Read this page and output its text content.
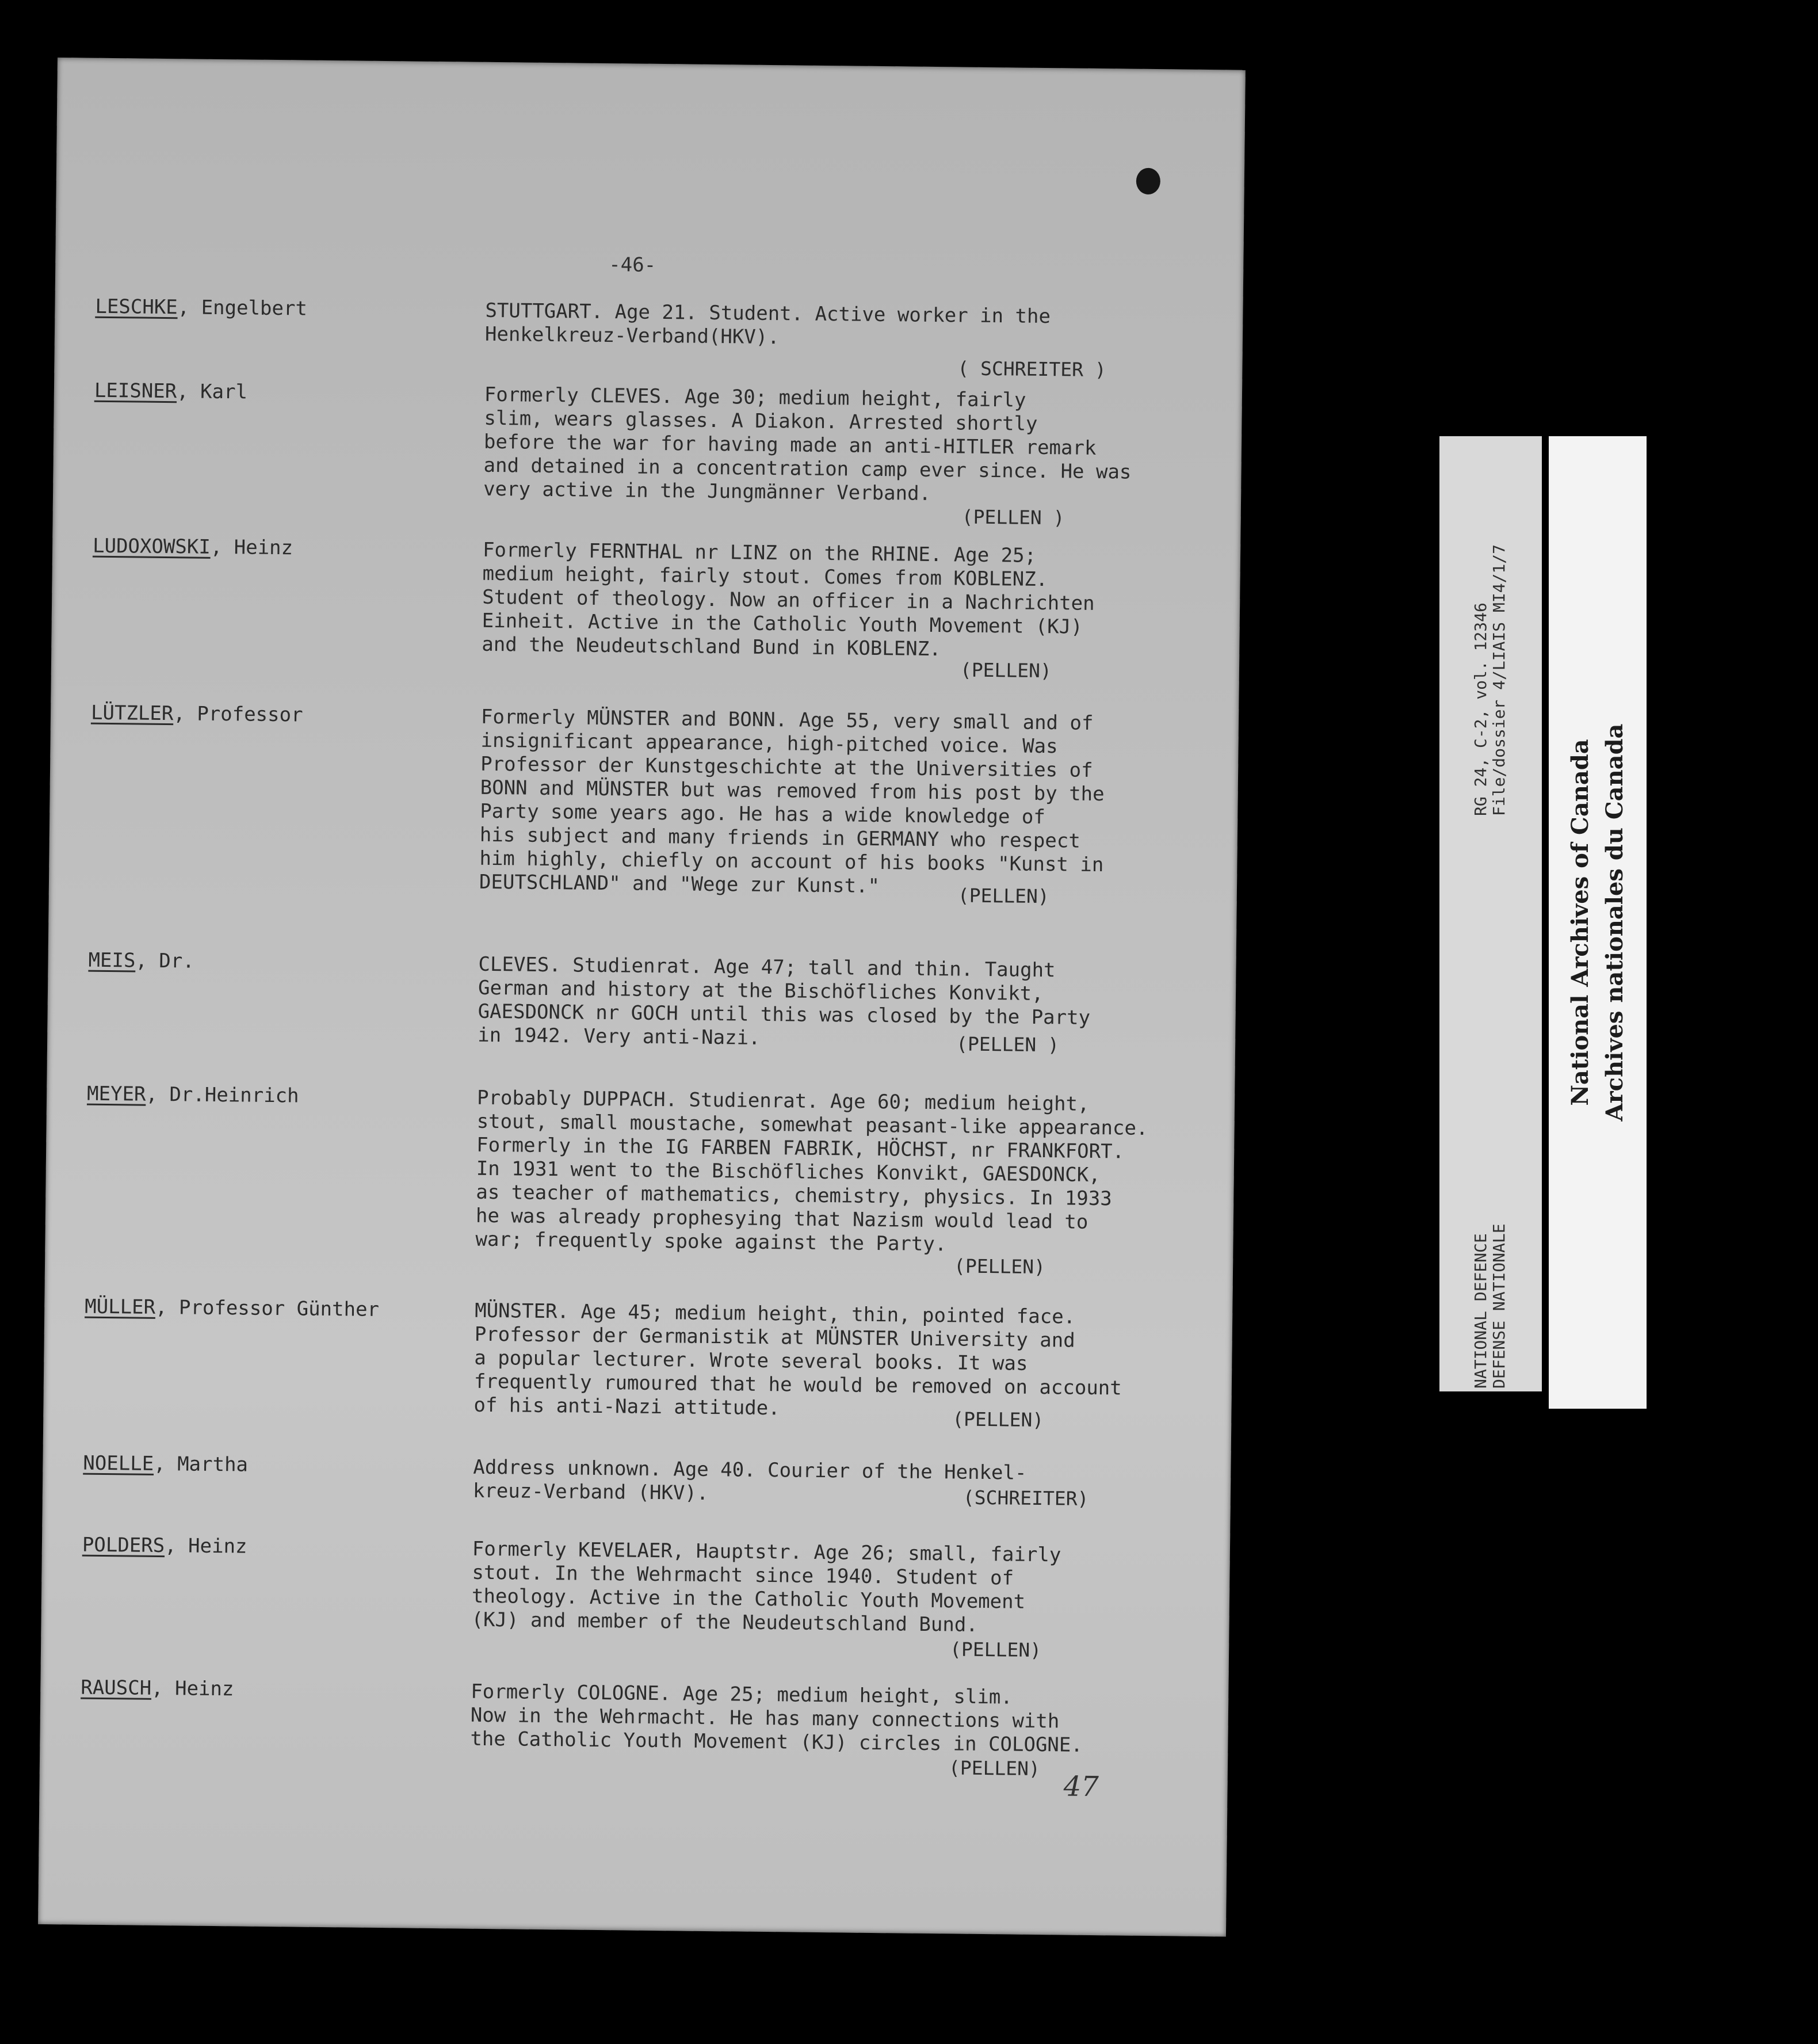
-46-
LESCHKE, Engelbert	STUTTGART. Age 21. Student. Active worker in the
Henkelkreuz-Verband(HKV).
( SCHREITER )
LEISNER, Karl	Formerly CLEVES. Age 30; medium height, fairly
slim, wears glasses. A Diakon. Arrested shortly
before the war for having made an anti-HITLER remark
and detained in a concentration camp ever since. He was
very active in the Jungmänner Verband.
(PELLEN )
LUDOXOWSKI, Heinz	Formerly FERNTHAL nr LINZ on the RHINE. Age 25;
medium height, fairly stout. Comes from KOBLENZ.
Student of theology. Now an officer in a Nachrichten
Einheit. Active in the Catholic Youth Movement (KJ)
and the Neudeutschland Bund in KOBLENZ.
(PELLEN)
LÜTZLER, Professor	Formerly MÜNSTER and BONN. Age 55, very small and of
insignificant appearance, high-pitched voice. Was
Professor der Kunstgeschichte at the Universities of
BONN and MÜNSTER but was removed from his post by the
Party some years ago. He has a wide knowledge of
his subject and many friends in GERMANY who respect
him highly, chiefly on account of his books "Kunst in
DEUTSCHLAND" and "Wege zur Kunst."	(PELLEN)
MEIS, Dr.	CLEVES. Studienrat. Age 47; tall and thin. Taught
German and history at the Bischöfliches Konvikt,
GAESDONCK nr GOCH until this was closed by the Party
in 1942. Very anti-Nazi.	(PELLEN )
MEYER, Dr.Heinrich	Probably DUPPACH. Studienrat. Age 60; medium height,
stout, small moustache, somewhat peasant-like appearance.
Formerly in the IG FARBEN FABRIK, HÖCHST, nr FRANKFORT.
In 1931 went to the Bischöfliches Konvikt, GAESDONCK,
as teacher of mathematics, chemistry, physics. In 1933
he was already prophesying that Nazism would lead to
war; frequently spoke against the Party.
(PELLEN)
MÜLLER, Professor Günther	MÜNSTER. Age 45; medium height, thin, pointed face.
Professor der Germanistik at MÜNSTER University and
a popular lecturer. Wrote several books. It was
frequently rumoured that he would be removed on account
of his anti-Nazi attitude.	(PELLEN)
NOELLE, Martha	Address unknown. Age 40. Courier of the Henkel-
kreuz-Verband (HKV).	(SCHREITER)
POLDERS, Heinz	Formerly KEVELAER, Hauptstr. Age 26; small, fairly
stout. In the Wehrmacht since 1940. Student of
theology. Active in the Catholic Youth Movement
(KJ) and member of the Neudeutschland Bund.
(PELLEN)
RAUSCH, Heinz	Formerly COLOGNE. Age 25; medium height, slim.
Now in the Wehrmacht. He has many connections with
the Catholic Youth Movement (KJ) circles in COLOGNE.
(PELLEN)
47
RG 24, C-2, vol. 12346
File/dossier 4/LIAIS MI4/1/7
NATIONAL DEFENCE
DEFENSE NATIONALE
National Archives of Canada Archives nationales du Canada
